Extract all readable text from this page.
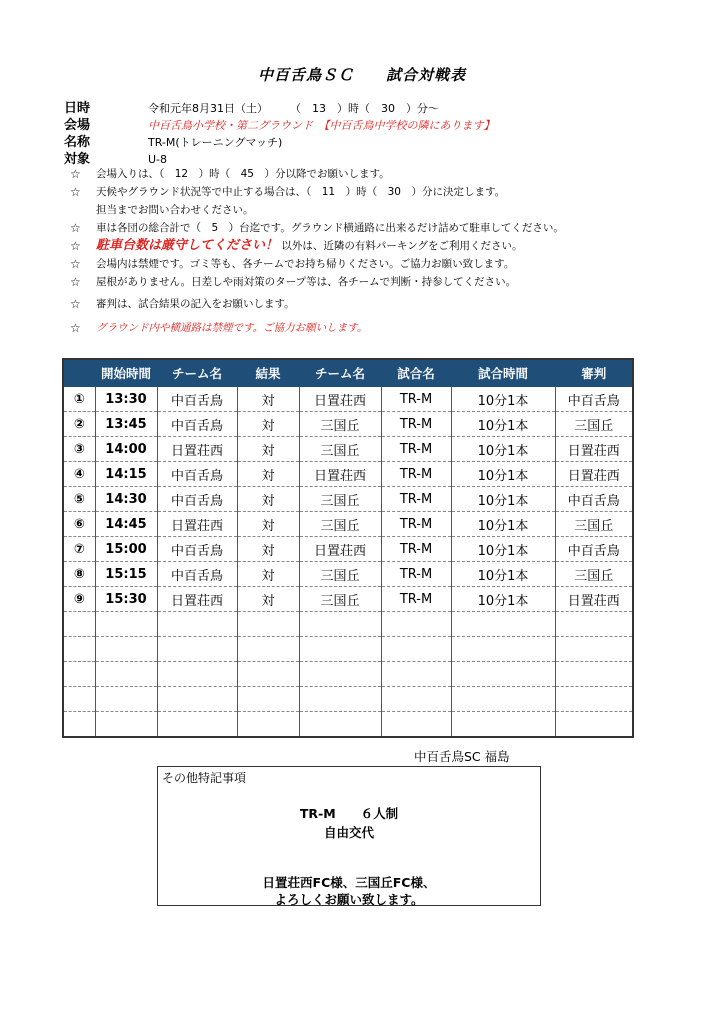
中百舌鳥ＳＣ　　試合対戦表
日時	令和元年8月31日（土）　　　（　13　）時（　30　）分～
会場	中百舌鳥小学校・第二グラウンド　【中百舌鳥中学校の隣にあります】
名称	TR-M(トレーニングマッチ)
対象	U-8
☆ 会場入りは、（　12　）時（　45　）分以降でお願いします。
☆ 天候やグラウンド状況等で中止する場合は、（　11　）時（　30　）分に決定します。
担当までお問い合わせください。
☆ 車は各団の総合計で（　5　）台迄です。グラウンド横通路に出来るだけ詰めて駐車してください。
☆ 駐車台数は厳守してください！ 以外は、近隣の有料パーキングをご利用ください。
☆ 会場内は禁煙です。ゴミ等も、各チームでお持ち帰りください。ご協力お願い致します。
☆ 屋根がありません。日差しや雨対策のタープ等は、各チームで判断・持参してください。
☆ 審判は、試合結果の記入をお願いします。
☆ グラウンド内や横通路は禁煙です。ご協力お願いします。
	開始時間	チーム名	結果	チーム名	試合名	試合時間	審判
①	13:30	中百舌鳥	対	日置荘西	TR-M	10分1本	中百舌鳥
②	13:45	中百舌鳥	対	三国丘	TR-M	10分1本	三国丘
③	14:00	日置荘西	対	三国丘	TR-M	10分1本	日置荘西
④	14:15	中百舌鳥	対	日置荘西	TR-M	10分1本	日置荘西
⑤	14:30	中百舌鳥	対	三国丘	TR-M	10分1本	中百舌鳥
⑥	14:45	日置荘西	対	三国丘	TR-M	10分1本	三国丘
⑦	15:00	中百舌鳥	対	日置荘西	TR-M	10分1本	中百舌鳥
⑧	15:15	中百舌鳥	対	三国丘	TR-M	10分1本	三国丘
⑨	15:30	日置荘西	対	三国丘	TR-M	10分1本	日置荘西

中百舌鳥SC 福島
その他特記事項
TR-M　　６人制
自由交代
日置荘西FC様、三国丘FC様、
よろしくお願い致します。
